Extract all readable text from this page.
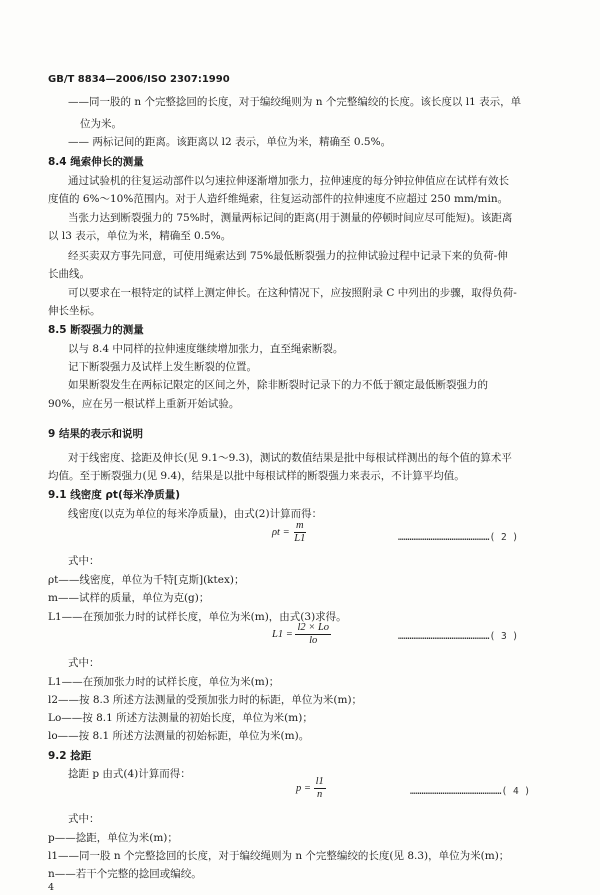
GB/T 8834—2006/ISO 2307:1990
——同一股的 n 个完整捻回的长度，对于编绞绳则为 n 个完整编绞的长度。该长度以 l1 表示，单
位为米。
—— 两标记间的距离。该距离以 l2 表示，单位为米，精确至 0.5%。
8.4 绳索伸长的测量
通过试验机的往复运动部件以匀速拉伸逐渐增加张力，拉伸速度的每分钟拉伸值应在试样有效长
度值的 6%～10%范围内。对于人造纤维绳索，往复运动部件的拉伸速度不应超过 250 mm/min。
当张力达到断裂强力的 75%时，测量两标记间的距离(用于测量的停顿时间应尽可能短)。该距离
以 l3 表示，单位为米，精确至 0.5%。
经买卖双方事先同意，可使用绳索达到 75%最低断裂强力的拉伸试验过程中记录下来的负荷-伸
长曲线。
可以要求在一根特定的试样上测定伸长。在这种情况下，应按照附录 C 中列出的步骤，取得负荷-
伸长坐标。
8.5 断裂强力的测量
以与 8.4 中同样的拉伸速度继续增加张力，直至绳索断裂。
记下断裂强力及试样上发生断裂的位置。
如果断裂发生在两标记限定的区间之外，除非断裂时记录下的力不低于额定最低断裂强力的
90%，应在另一根试样上重新开始试验。
9 结果的表示和说明
对于线密度、捻距及伸长(见 9.1～9.3)，测试的数值结果是批中每根试样测出的每个值的算术平
均值。至于断裂强力(见 9.4)，结果是以批中每根试样的断裂强力来表示，不计算平均值。
9.1 线密度 ρt(每米净质量)
线密度(以克为单位的每米净质量)，由式(2)计算而得：
$\rho t = \frac{m}{L1}$	…………………………………………( 2 )
式中：
ρt——线密度，单位为千特[克斯](ktex)；
m——试样的质量，单位为克(g)；
L1——在预加张力时的试样长度，单位为米(m)，由式(3)求得。
$L1 = \frac{l2 \times Lo}{lo}$	…………………………………………( 3 )
式中：
L1——在预加张力时的试样长度，单位为米(m)；
l2——按 8.3 所述方法测量的受预加张力时的标距，单位为米(m)；
Lo——按 8.1 所述方法测量的初始长度，单位为米(m)；
lo——按 8.1 所述方法测量的初始标距，单位为米(m)。
9.2 捻距
捻距 p 由式(4)计算而得：
$p = \frac{l1}{n}$	…………………………………………( 4 )
式中：
p——捻距，单位为米(m)；
l1——同一股 n 个完整捻回的长度，对于编绞绳则为 n 个完整编绞的长度(见 8.3)，单位为米(m)；
n——若干个完整的捻回或编绞。
4
